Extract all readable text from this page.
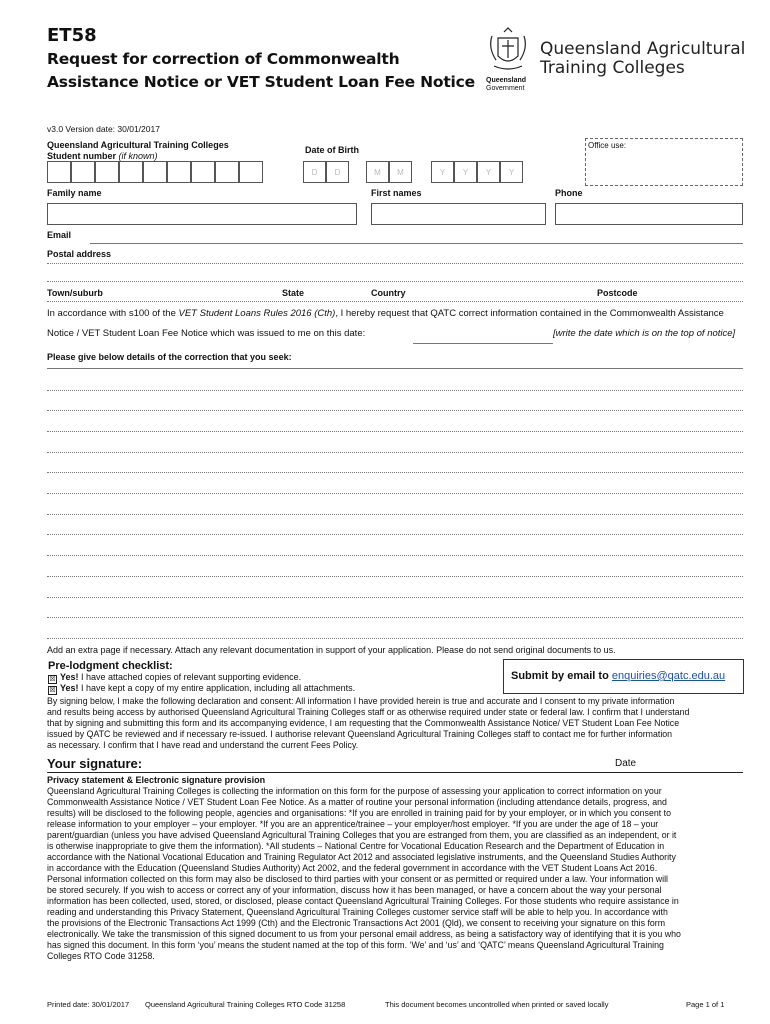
ET58
Request for correction of Commonwealth
Assistance Notice or VET Student Loan Fee Notice Queensland
Government
Queensland Agricultural
Training Colleges
v3.0 Version date: 30/01/2017
Queensland Agricultural Training Colleges
Student number (if known)
Date of Birth
D	D	M	M	Y	Y	Y	Y
Office use:
Family name	First names	Phone
Email
Postal address
Town/suburb	State	Country	Postcode
In accordance with s100 of the VET Student Loans Rules 2016 (Cth), I hereby request that QATC correct information contained in the Commonwealth Assistance
Notice / VET Student Loan Fee Notice which was issued to me on this date:	[write the date which is on the top of notice]
Please give below details of the correction that you seek:
Add an extra page if necessary. Attach any relevant documentation in support of your application. Please do not send original documents to us.
Pre-lodgment checklist:
☒ Yes! I have attached copies of relevant supporting evidence.
☒ Yes! I have kept a copy of my entire application, including all attachments.
Submit by email to enquiries@qatc.edu.au
By signing below, I make the following declaration and consent: All information I have provided herein is true and accurate and I consent to my private information
and results being access by authorised Queensland Agricultural Training Colleges staff or as otherwise required under state or federal law. I confirm that I understand
that by signing and submitting this form and its accompanying evidence, I am requesting that the Commonwealth Assistance Notice/ VET Student Loan Fee Notice
issued by QATC be reviewed and if necessary re-issued. I authorise relevant Queensland Agricultural Training Colleges staff to contact me for further information
as necessary. I confirm that I have read and understand the current Fees Policy.
Your signature:	Date
Privacy statement & Electronic signature provision
Queensland Agricultural Training Colleges is collecting the information on this form for the purpose of assessing your application to correct information on your
Commonwealth Assistance Notice / VET Student Loan Fee Notice. As a matter of routine your personal information (including attendance details, progress, and
results) will be disclosed to the following people, agencies and organisations: *If you are enrolled in training paid for by your employer, or in which you consent to
release information to your employer – your employer. *If you are an apprentice/trainee – your employer/host employer. *If you are under the age of 18 – your
parent/guardian (unless you have advised Queensland Agricultural Training Colleges that you are estranged from them, you are classified as an independent, or it
is otherwise inappropriate to give them the information). *All students – National Centre for Vocational Education Research and the Department of Education in
accordance with the National Vocational Education and Training Regulator Act 2012 and associated legislative instruments, and the Queensland Studies Authority
in accordance with the Education (Queensland Studies Authority) Act 2002, and the federal government in accordance with the VET Student Loans Act 2016.
Personal information collected on this form may also be disclosed to third parties with your consent or as permitted or required under a law. Your information will
be stored securely. If you wish to access or correct any of your information, discuss how it has been managed, or have a concern about the way your personal
information has been collected, used, stored, or disclosed, please contact Queensland Agricultural Training Colleges. For those students who require assistance in
reading and understanding this Privacy Statement, Queensland Agricultural Training Colleges customer service staff will be able to help you. In accordance with
the provisions of the Electronic Transactions Act 1999 (Cth) and the Electronic Transactions Act 2001 (Qld), we consent to receiving your signature on this form
electronically. We take the transmission of this signed document to us from your personal email address, as being a satisfactory way of identifying that it is you who
has signed this document. In this form ‘you’ means the student named at the top of this form. ‘We’ and ‘us’ and ‘QATC’ means Queensland Agricultural Training
Colleges RTO Code 31258.
Printed date: 30/01/2017 Queensland Agricultural Training Colleges RTO Code 31258	This document becomes uncontrolled when printed or saved locally	Page 1 of 1
